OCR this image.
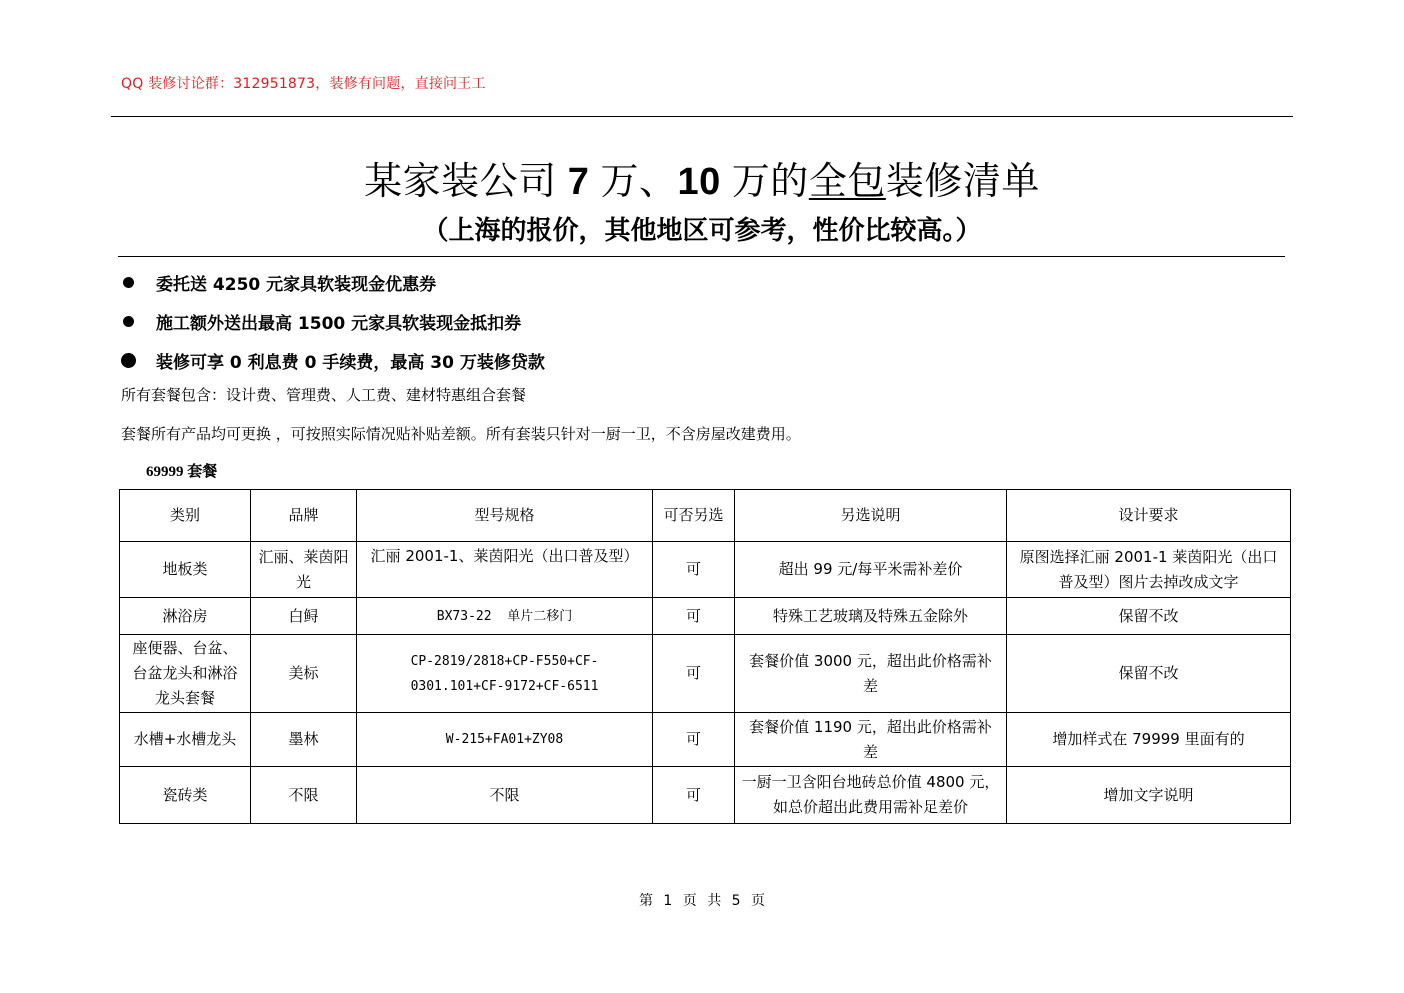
QQ 装修讨论群：312951873，装修有问题，直接问王工
某家装公司 7 万、10 万的全包装修清单
（上海的报价，其他地区可参考，性价比较高。）
委托送 4250 元家具软装现金优惠券
施工额外送出最高 1500 元家具软装现金抵扣券
装修可享 0 利息费 0 手续费，最高 30 万装修贷款
所有套餐包含：设计费、管理费、人工费、建材特惠组合套餐
套餐所有产品均可更换 ，可按照实际情况贴补贴差额。所有套装只针对一厨一卫，不含房屋改建费用。
69999 套餐
类别	品牌	型号规格	可否另选	另选说明	设计要求
地板类	汇丽、莱茵阳光	汇丽 2001-1、莱茵阳光（出口普及型）	可	超出 99 元/每平米需补差价	原图选择汇丽 2001-1 莱茵阳光（出口普及型）图片去掉改成文字
淋浴房	白鲟	BX73-22  单片二移门	可	特殊工艺玻璃及特殊五金除外	保留不改
座便器、台盆、台盆龙头和淋浴龙头套餐	美标	CP-2819/2818+CP-F550+CF-0301.101+CF-9172+CF-6511	可	套餐价值 3000 元，超出此价格需补差	保留不改
水槽+水槽龙头	墨林	W-215+FA01+ZY08	可	套餐价值 1190 元，超出此价格需补差	增加样式在 79999 里面有的
瓷砖类	不限	不限	可	一厨一卫含阳台地砖总价值 4800 元，如总价超出此费用需补足差价	增加文字说明
第 1 页 共 5 页
